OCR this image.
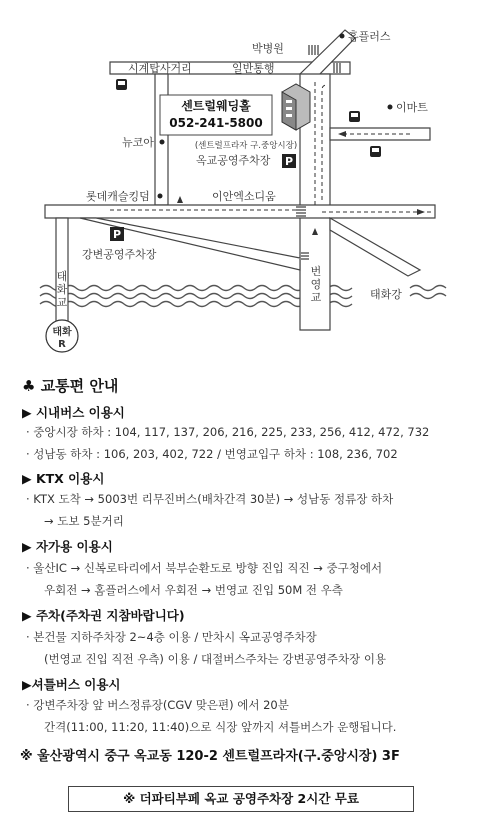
센트럴웨딩홀
052-241-5800
(센트럴프라자 구.중앙시장)
P
P
홈플러스
박병원
시계탑사거리	일반통행
이마트
뉴코아
옥교공영주차장
롯데캐슬킹덤	이안엑소디움
강변공영주차장
태화강
태 화 교
번 영 교
태화
R
♣ 교통편 안내
▶ 시내버스 이용시
· 중앙시장 하차 : 104, 117, 137, 206, 216, 225, 233, 256, 412, 472, 732
· 성남동 하차 : 106, 203, 402, 722 / 번영교입구 하차 : 108, 236, 702
▶ KTX 이용시
· KTX 도착 → 5003번 리무진버스(배차간격 30분) → 성남동 정류장 하차
→ 도보 5분거리
▶ 자가용 이용시
· 울산IC → 신복로타리에서 북부순환도로 방향 진입 직진 → 중구청에서
우회전 → 홈플러스에서 우회전 → 번영교 진입 50M 전 우측
▶ 주차(주차권 지참바랍니다)
· 본건물 지하주차장 2~4층 이용 / 만차시 옥교공영주차장
(번영교 진입 직전 우측) 이용 / 대절버스주차는 강변공영주차장 이용
▶셔틀버스 이용시
· 강변주차장 앞 버스정류장(CGV 맞은편) 에서 20분
간격(11:00, 11:20, 11:40)으로 식장 앞까지 셔틀버스가 운행됩니다.
※ 울산광역시 중구 옥교동 120-2 센트럴프라자(구.중앙시장) 3F
※ 더파티부페 옥교 공영주차장 2시간 무료
